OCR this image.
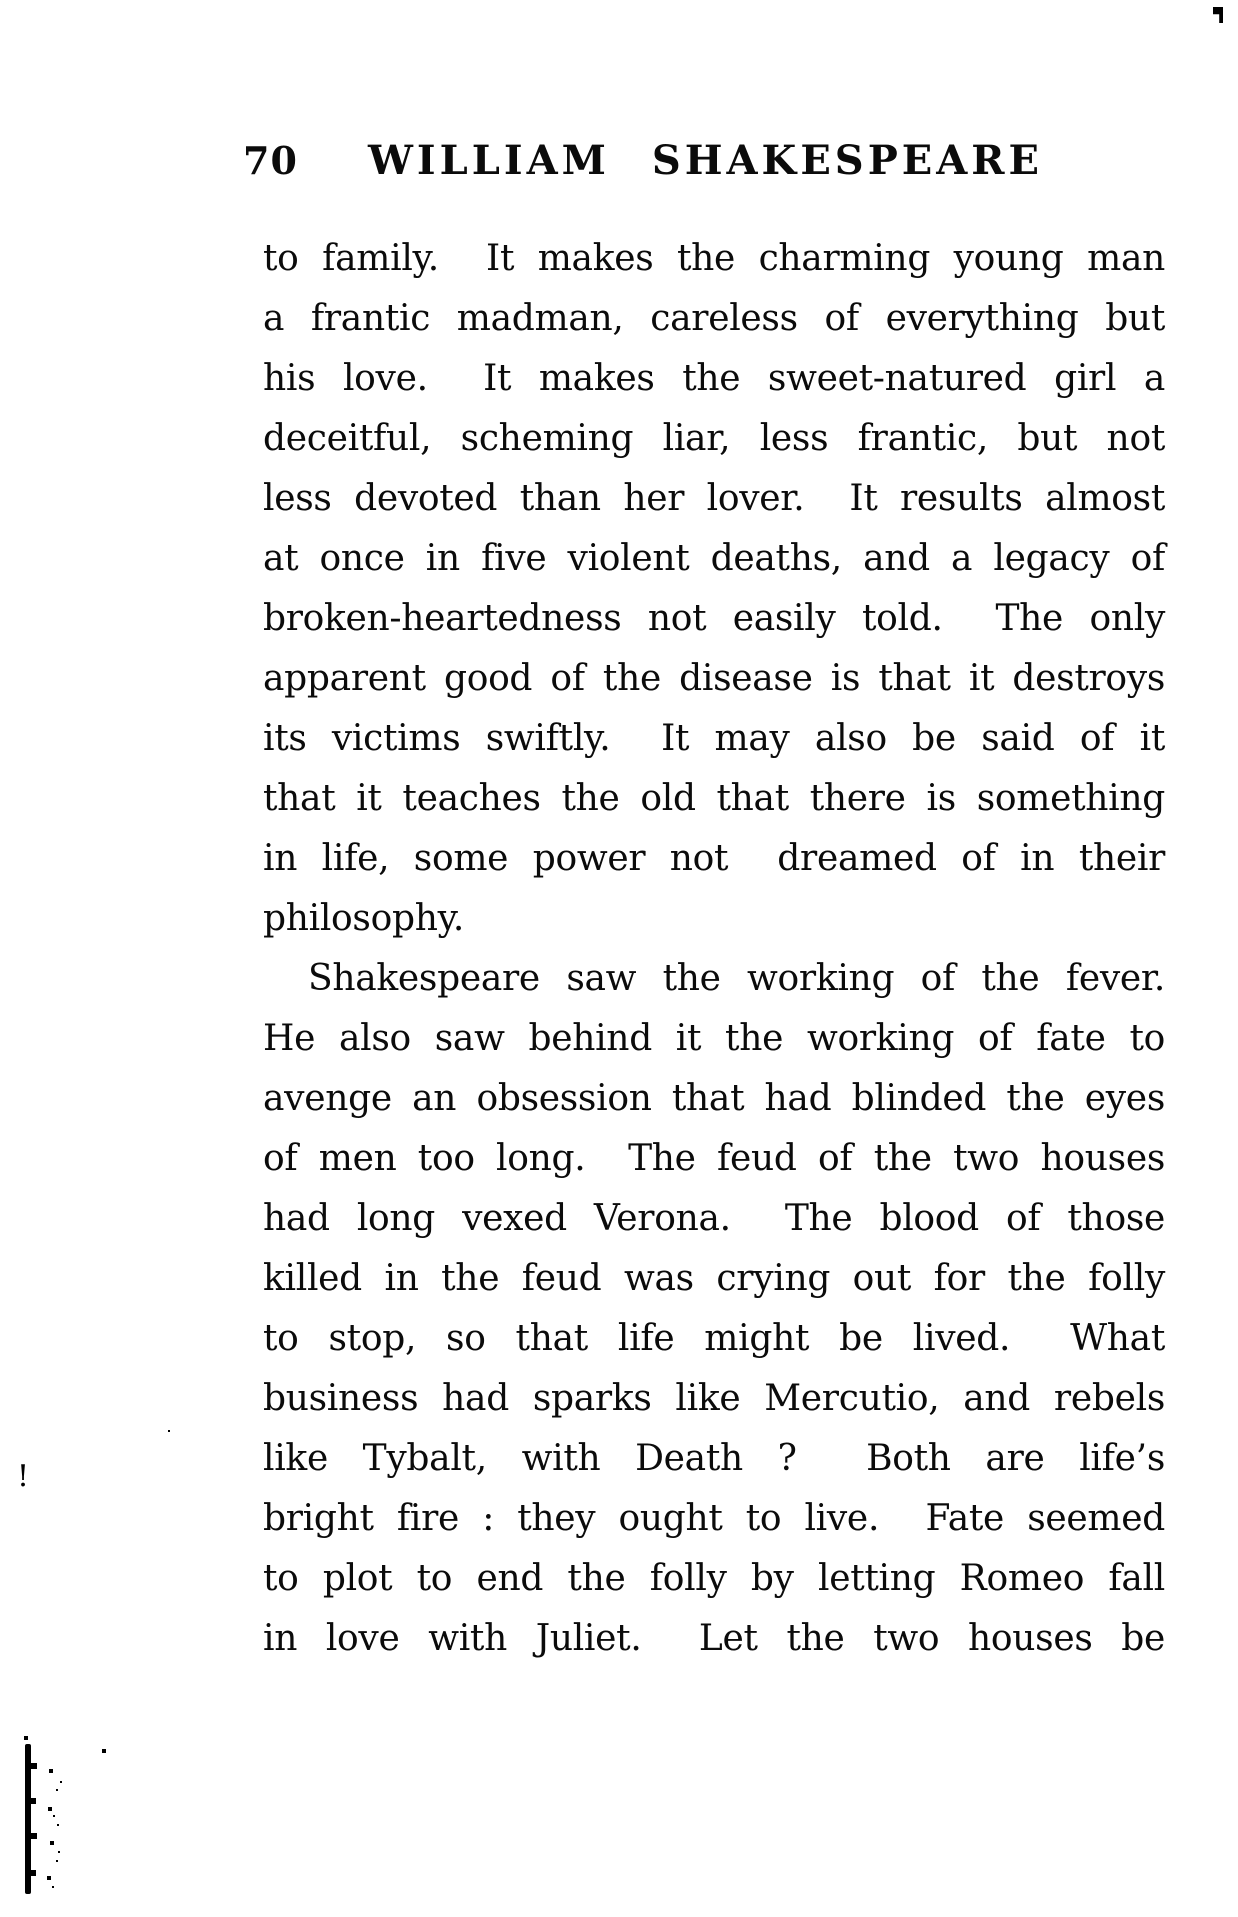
70 WILLIAM SHAKESPEARE
to family.  It makes the charming young man
a frantic madman, careless of everything but
his love.  It makes the sweet-natured girl a
deceitful, scheming liar, less frantic, but not
less devoted than her lover.  It results almost
at once in five violent deaths, and a legacy of
broken-heartedness not easily told.  The only
apparent good of the disease is that it destroys
its victims swiftly.  It may also be said of it
that it teaches the old that there is something
in life, some power not  dreamed of in their
philosophy.
Shakespeare saw the working of the fever.
He also saw behind it the working of fate to
avenge an obsession that had blinded the eyes
of men too long.  The feud of the two houses
had long vexed Verona.  The blood of those
killed in the feud was crying out for the folly
to stop, so that life might be lived.  What
business had sparks like Mercutio, and rebels
like Tybalt, with Death ?  Both are life’s
bright fire : they ought to live.  Fate seemed
to plot to end the folly by letting Romeo fall
in love with Juliet.  Let the two houses be
!
